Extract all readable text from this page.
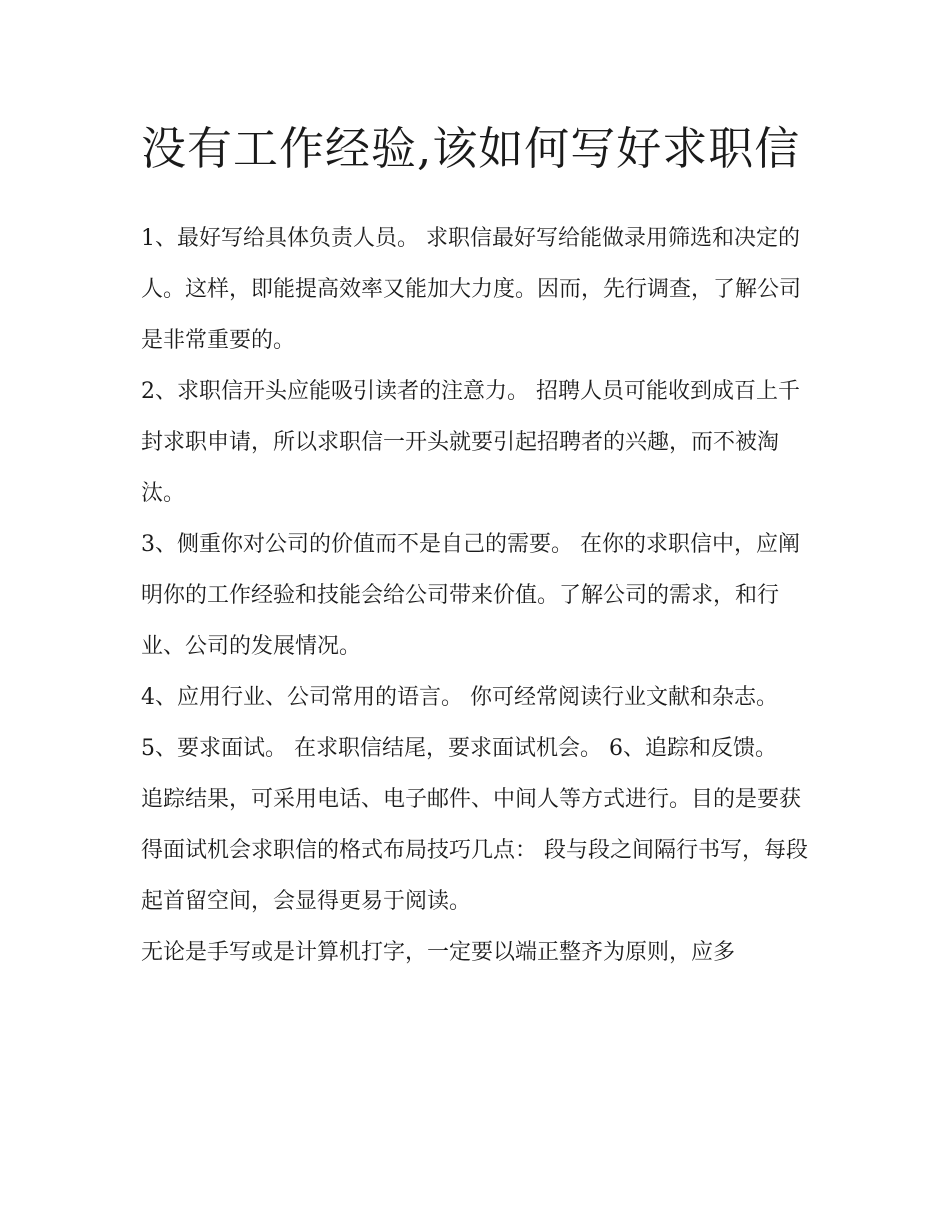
没有工作经验,该如何写好求职信

1、最好写给具体负责人员。 求职信最好写给能做录用筛选和决定的人。这样，即能提高效率又能加大力度。因而，先行调查，了解公司是非常重要的。

2、求职信开头应能吸引读者的注意力。 招聘人员可能收到成百上千封求职申请，所以求职信一开头就要引起招聘者的兴趣，而不被淘汰。

3、侧重你对公司的价值而不是自己的需要。 在你的求职信中，应阐明你的工作经验和技能会给公司带来价值。了解公司的需求，和行业、公司的发展情况。

4、应用行业、公司常用的语言。 你可经常阅读行业文献和杂志。 5、要求面试。 在求职信结尾，要求面试机会。 6、追踪和反馈。

追踪结果，可采用电话、电子邮件、中间人等方式进行。目的是要获得面试机会求职信的格式布局技巧几点： 段与段之间隔行书写，每段起首留空间，会显得更易于阅读。

无论是手写或是计算机打字，一定要以端正整齐为原则，应多
